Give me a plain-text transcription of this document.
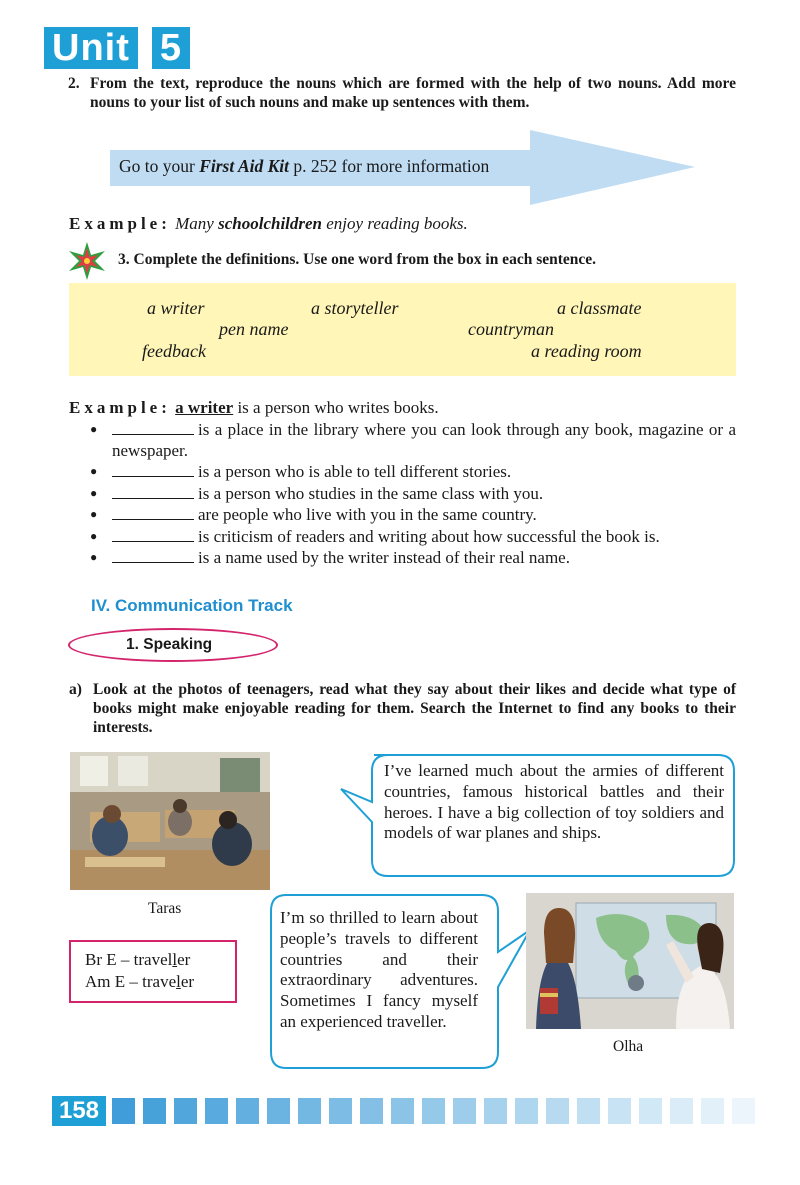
Unit 5
2. From the text, reproduce the nouns which are formed with the help of two nouns. Add more nouns to your list of such nouns and make up sentences with them.
Go to your First Aid Kit p. 252 for more information
Example: Many schoolchildren enjoy reading books.
3. Complete the definitions. Use one word from the box in each sentence.
a writer	a storyteller	a classmate
pen name	countryman
feedback	a reading room
Example: a writer is a person who writes books.
● is a place in the library where you can look through any book, magazine or a newspaper.
● is a person who is able to tell different stories.
● is a person who studies in the same class with you.
● are people who live with you in the same country.
● is criticism of readers and writing about how successful the book is.
● is a name used by the writer instead of their real name.
IV. Communication Track
1. Speaking
a) Look at the photos of teenagers, read what they say about their likes and decide what type of books might make enjoyable reading for them. Search the Internet to find any books to their interests.
Taras
I’ve learned much about the armies of different countries, famous historical battles and their heroes. I have a big collection of toy soldiers and models of war planes and ships.
I’m so thrilled to learn about people’s travels to different countries and their extraordinary adventures. Sometimes I fancy myself an experienced traveller.
Olha
Br E – traveller
Am E – traveler
158
